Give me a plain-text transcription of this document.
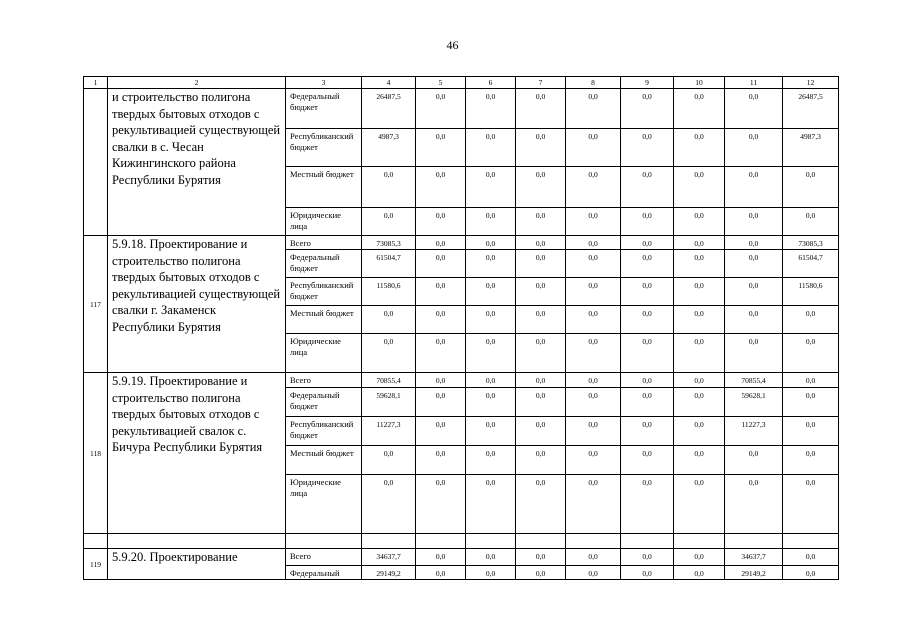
46
1	2	3	4	5	6	7	8	9	10	11	12
	и строительство полигона твердых бытовых отходов с рекультивацией существующей свалки в с. Чесан Кижингинского района Республики Бурятия	Федеральный бюджет	26487,5	0,0	0,0	0,0	0,0	0,0	0,0	0,0	26487,5
		Республиканский бюджет	4987,3	0,0	0,0	0,0	0,0	0,0	0,0	0,0	4987,3
		Местный бюджет	0,0	0,0	0,0	0,0	0,0	0,0	0,0	0,0	0,0
		Юридические лица	0,0	0,0	0,0	0,0	0,0	0,0	0,0	0,0	0,0
117	5.9.18. Проектирование и строительство полигона твердых бытовых отходов с рекультивацией существующей свалки г. Закаменск Республики Бурятия	Всего	73085,3	0,0	0,0	0,0	0,0	0,0	0,0	0,0	73085,3
		Федеральный бюджет	61504,7	0,0	0,0	0,0	0,0	0,0	0,0	0,0	61504,7
		Республиканский бюджет	11580,6	0,0	0,0	0,0	0,0	0,0	0,0	0,0	11580,6
		Местный бюджет	0,0	0,0	0,0	0,0	0,0	0,0	0,0	0,0	0,0
		Юридические лица	0,0	0,0	0,0	0,0	0,0	0,0	0,0	0,0	0,0
118	5.9.19. Проектирование и строительство полигона твердых бытовых отходов с рекультивацией свалок с. Бичура Республики Бурятия	Всего	70855,4	0,0	0,0	0,0	0,0	0,0	0,0	70855,4	0,0
		Федеральный бюджет	59628,1	0,0	0,0	0,0	0,0	0,0	0,0	59628,1	0,0
		Республиканский бюджет	11227,3	0,0	0,0	0,0	0,0	0,0	0,0	11227,3	0,0
		Местный бюджет	0,0	0,0	0,0	0,0	0,0	0,0	0,0	0,0	0,0
		Юридические лица	0,0	0,0	0,0	0,0	0,0	0,0	0,0	0,0	0,0

119	5.9.20. Проектирование	Всего	34637,7	0,0	0,0	0,0	0,0	0,0	0,0	34637,7	0,0
		Федеральный	29149,2	0,0	0,0	0,0	0,0	0,0	0,0	29149,2	0,0
